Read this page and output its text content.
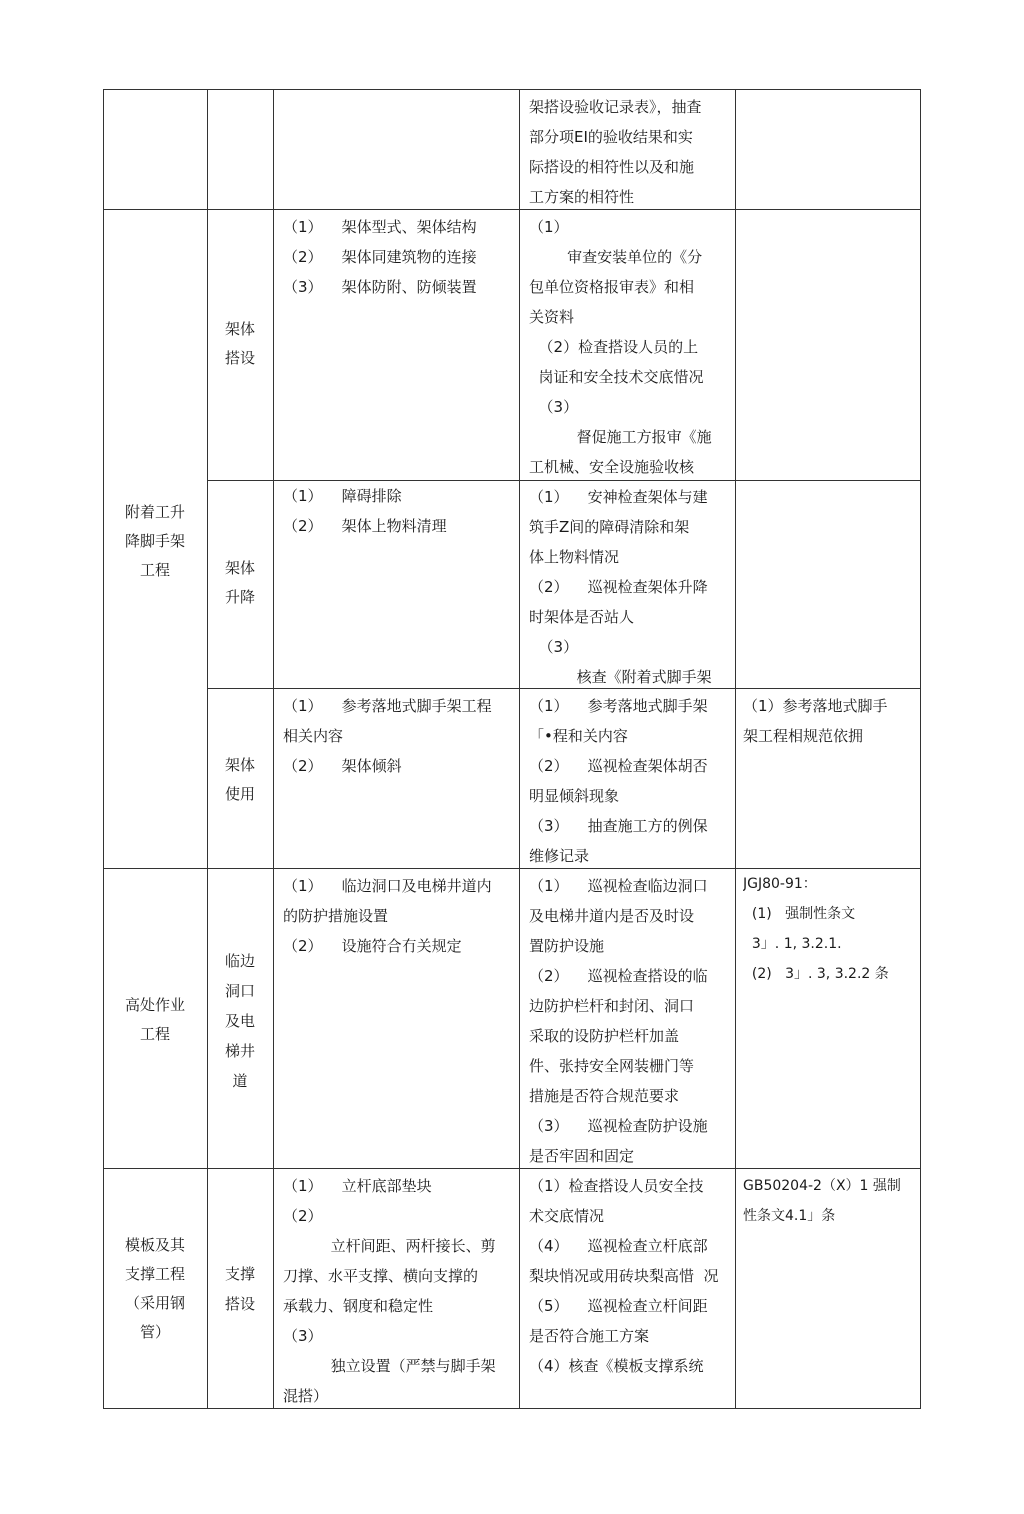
附着工升
降脚手架
工程
高处作业
工程
模板及其
支撑工程
（采用钢
管）
架搭设验收记录表》，抽査
部分项EI的验收结果和实
际搭设的相符性以及和施
工方案的相符性
架体
搭设
（1）    架体型式、架体结构
（2）    架体同建筑物的连接
（3）    架体防附、防倾装置
（1）
审查安装单位的《分
包单位资格报审表》和相
关资料
（2）检査搭设人员的上
岗证和安全技术交底惜况
（3）
督促施工方报审《施
工机械、安全设施验收核
架体
升降
（1）    障碍排除
（2）    架体上物料清理
（1）    安神检查架体与建
筑手Z间的障碍清除和架
体上物料情况
（2）    巡视检查架体升降
时架体是否站人
（3）
核查《附着式脚手架
架体
使用
（1）    参考落地式脚手架工程
相关内容
（2）    架体倾斜
（1）    参考落地式脚手架
「•程和关内容
（2）    巡视检查架体胡否
明显倾斜现象
（3）    抽查施工方的例保
维修记录
（1）参考落地式脚手
架工程相规范依拥
临边
洞口
及电
梯井
道
（1）    临边洞口及电梯井道内
的防护措施设置
（2）    设施符合冇关规定
（1）    巡视检查临边洞口
及电梯井道内是否及时设
置防护设施
（2）    巡视检查搭设的临
边防护栏杆和封闭、洞口
采取的设防护栏杆加盖
件、张持安全网装栅门等
措施是否符合规范要求
（3）    巡视检查防护设施
是否牢固和固定
JGJ80-91：
(1)   强制性条文
3」. 1, 3.2.1.
(2)   3」. 3, 3.2.2 条
支撑
搭设
（1）    立杆底部垫块
（2）
立杆间距、两杆接长、剪
刀撑、水平支撑、横向支撑的
承载力、钢度和稳定性
（3）
独立设置（严禁与脚手架
混搭）
（1）检查搭设人员安全技
术交底情况
（4）    巡视检查立杆底部
梨块悄况或用砖块梨高惜  况
（5）    巡视检查立杆间距
是否符合施工方案
（4）核查《模板支撑系统
GB50204-2（X）1 强制
性条文4.1」条
